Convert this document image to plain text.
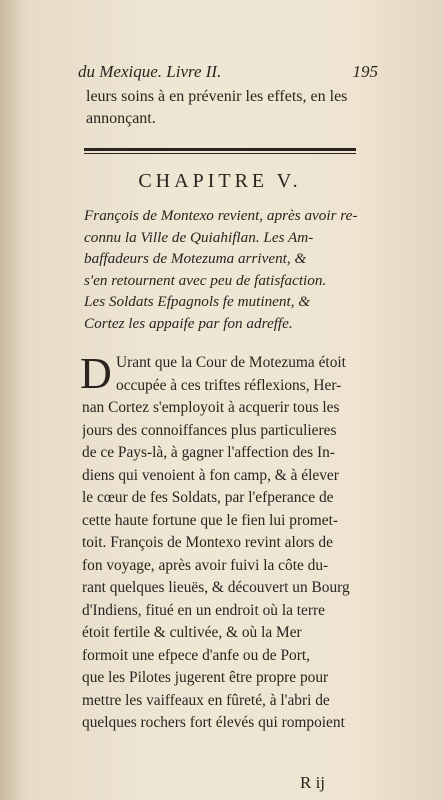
du Mexique. Livre II.	195
leurs soins à en prévenir les effets, en les
annonçant.
CHAPITRE V.
François de Montexo revient, après avoir re-
connu la Ville de Quiahiflan. Les Am-
baffadeurs de Motezuma arrivent, &
s'en retournent avec peu de fatisfaction.
Les Soldats Efpagnols fe mutinent, &
Cortez les appaife par fon adreffe.
D Urant que la Cour de Motezuma étoit
occupée à ces triftes réflexions, Her-
nan Cortez s'employoit à acquerir tous les
jours des connoiffances plus particulieres
de ce Pays-là, à gagner l'affection des In-
diens qui venoient à fon camp, & à élever
le cœur de fes Soldats, par l'efperance de
cette haute fortune que le fien lui promet-
toit. François de Montexo revint alors de
fon voyage, après avoir fuivi la côte du-
rant quelques lieuës, & découvert un Bourg
d'Indiens, fitué en un endroit où la terre
étoit fertile & cultivée, & où la Mer
formoit une efpece d'anfe ou de Port,
que les Pilotes jugerent être propre pour
mettre les vaiffeaux en fûreté, à l'abri de
quelques rochers fort élevés qui rompoient
R ij
